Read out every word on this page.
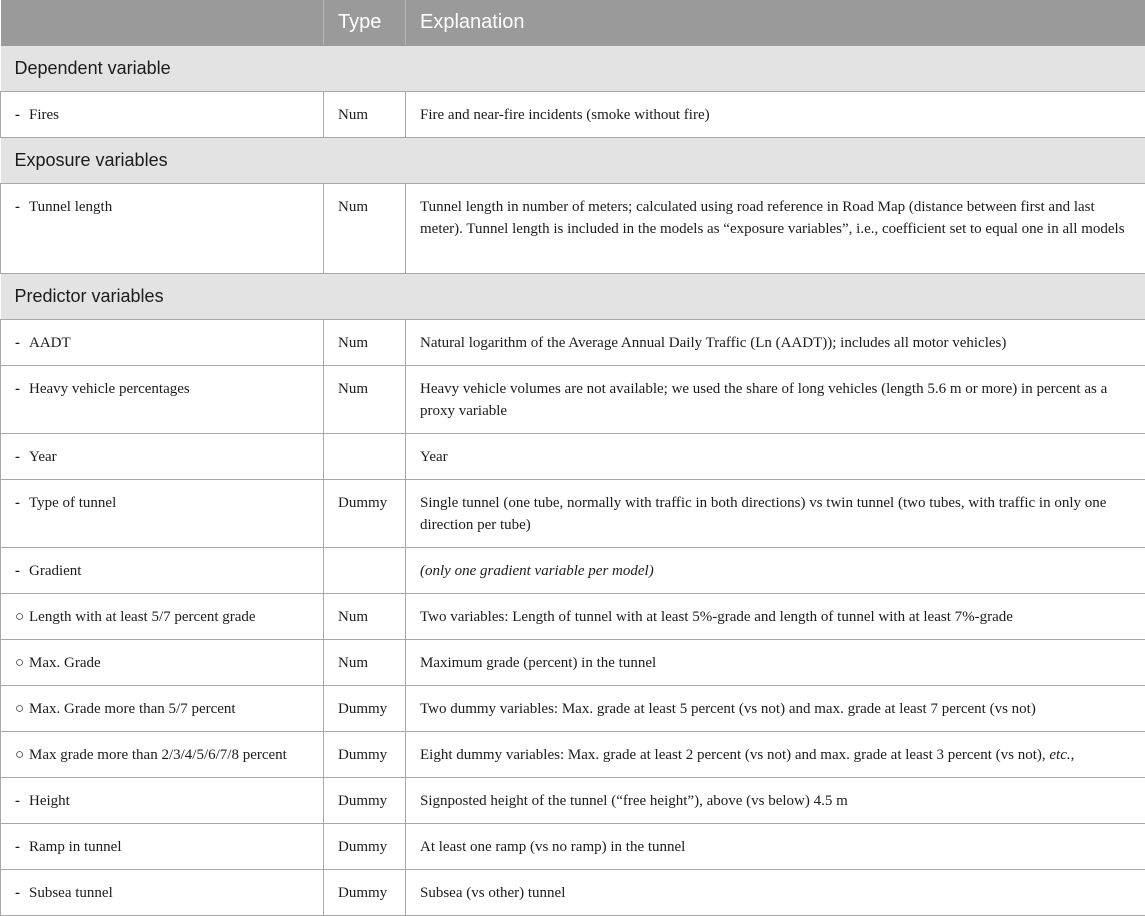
	Type	Explanation
Dependent variable		
- Fires	Num	Fire and near-fire incidents (smoke without fire)
Exposure variables		
- Tunnel length	Num	Tunnel length in number of meters; calculated using road reference in Road Map (distance between first and last meter). Tunnel length is included in the models as “exposure variables”, i.e., coefficient set to equal one in all models
Predictor variables		
- AADT	Num	Natural logarithm of the Average Annual Daily Traffic (Ln (AADT)); includes all motor vehicles)
- Heavy vehicle percentages	Num	Heavy vehicle volumes are not available; we used the share of long vehicles (length 5.6 m or more) in percent as a proxy variable
- Year		Year
- Type of tunnel	Dummy	Single tunnel (one tube, normally with traffic in both directions) vs twin tunnel (two tubes, with traffic in only one direction per tube)
- Gradient		(only one gradient variable per model)
○ Length with at least 5/7 percent grade	Num	Two variables: Length of tunnel with at least 5%-grade and length of tunnel with at least 7%-grade
○ Max. Grade	Num	Maximum grade (percent) in the tunnel
○ Max. Grade more than 5/7 percent	Dummy	Two dummy variables: Max. grade at least 5 percent (vs not) and max. grade at least 7 percent (vs not)
○ Max grade more than 2/3/4/5/6/7/8 percent	Dummy	Eight dummy variables: Max. grade at least 2 percent (vs not) and max. grade at least 3 percent (vs not), etc.,
- Height	Dummy	Signposted height of the tunnel (“free height”), above (vs below) 4.5 m
- Ramp in tunnel	Dummy	At least one ramp (vs no ramp) in the tunnel
- Subsea tunnel	Dummy	Subsea (vs other) tunnel
